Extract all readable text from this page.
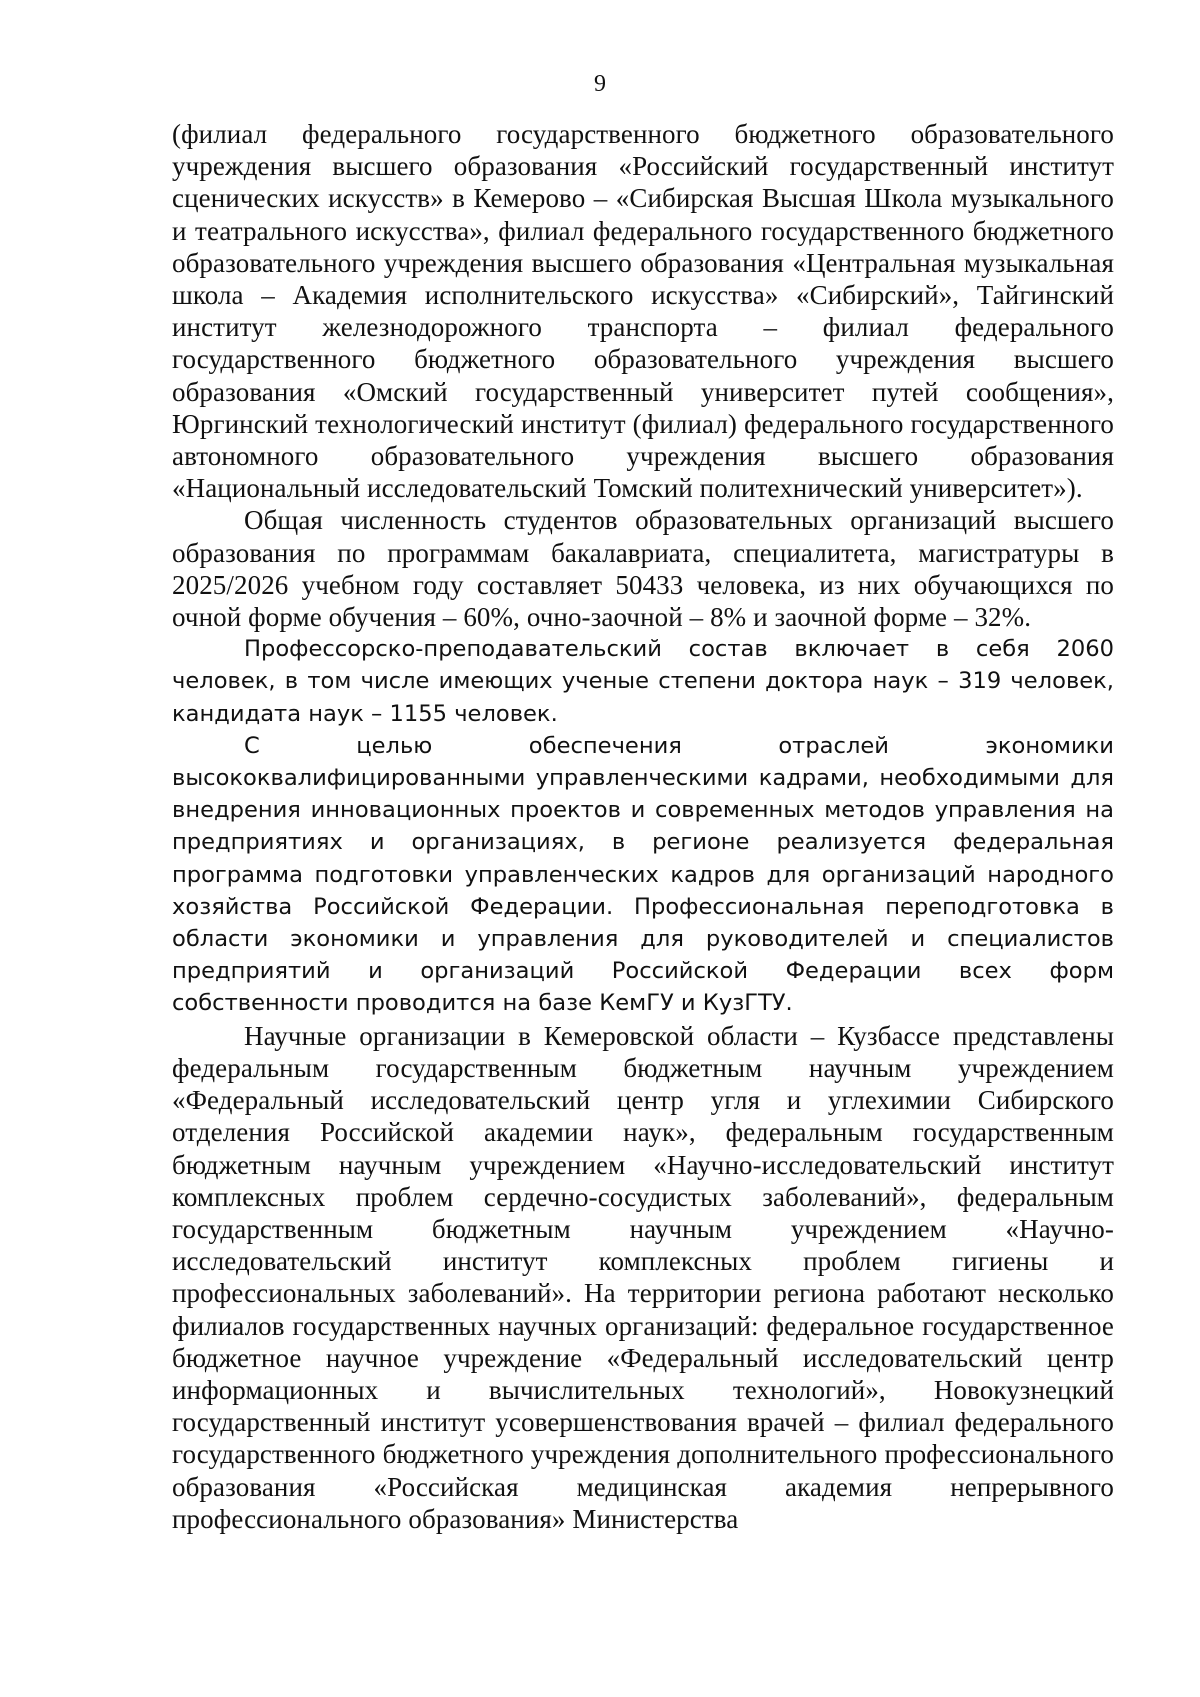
9

(филиал федерального государственного бюджетного образовательного учреждения высшего образования «Российский государственный институт сценических искусств» в Кемерово – «Сибирская Высшая Школа музыкального и театрального искусства», филиал федерального государственного бюджетного образовательного учреждения высшего образования «Центральная музыкальная школа – Академия исполнительского искусства» «Сибирский», Тайгинский институт железнодорожного транспорта – филиал федерального государственного бюджетного образовательного учреждения высшего образования «Омский государственный университет путей сообщения», Юргинский технологический институт (филиал) федерального государственного автономного образовательного учреждения высшего образования «Национальный исследовательский Томский политехнический университет»).

Общая численность студентов образовательных организаций высшего образования по программам бакалавриата, специалитета, магистратуры в 2025/2026 учебном году составляет 50433 человека, из них обучающихся по очной форме обучения – 60%, очно-заочной – 8% и заочной форме – 32%.

Профессорско-преподавательский состав включает в себя 2060 человек, в том числе имеющих ученые степени доктора наук – 319 человек, кандидата наук – 1155 человек.

С целью обеспечения отраслей экономики высококвалифицированными управленческими кадрами, необходимыми для внедрения инновационных проектов и современных методов управления на предприятиях и организациях, в регионе реализуется федеральная программа подготовки управленческих кадров для организаций народного хозяйства Российской Федерации. Профессиональная переподготовка в области экономики и управления для руководителей и специалистов предприятий и организаций Российской Федерации всех форм собственности проводится на базе КемГУ и КузГТУ.

Научные организации в Кемеровской области – Кузбассе представлены федеральным государственным бюджетным научным учреждением «Федеральный исследовательский центр угля и углехимии Сибирского отделения Российской академии наук», федеральным государственным бюджетным научным учреждением «Научно-исследовательский институт комплексных проблем сердечно-сосудистых заболеваний», федеральным государственным бюджетным научным учреждением «Научно-исследовательский институт комплексных проблем гигиены и профессиональных заболеваний». На территории региона работают несколько филиалов государственных научных организаций: федеральное государственное бюджетное научное учреждение «Федеральный исследовательский центр информационных и вычислительных технологий», Новокузнецкий государственный институт усовершенствования врачей – филиал федерального государственного бюджетного учреждения дополнительного профессионального образования «Российская медицинская академия непрерывного профессионального образования» Министерства
